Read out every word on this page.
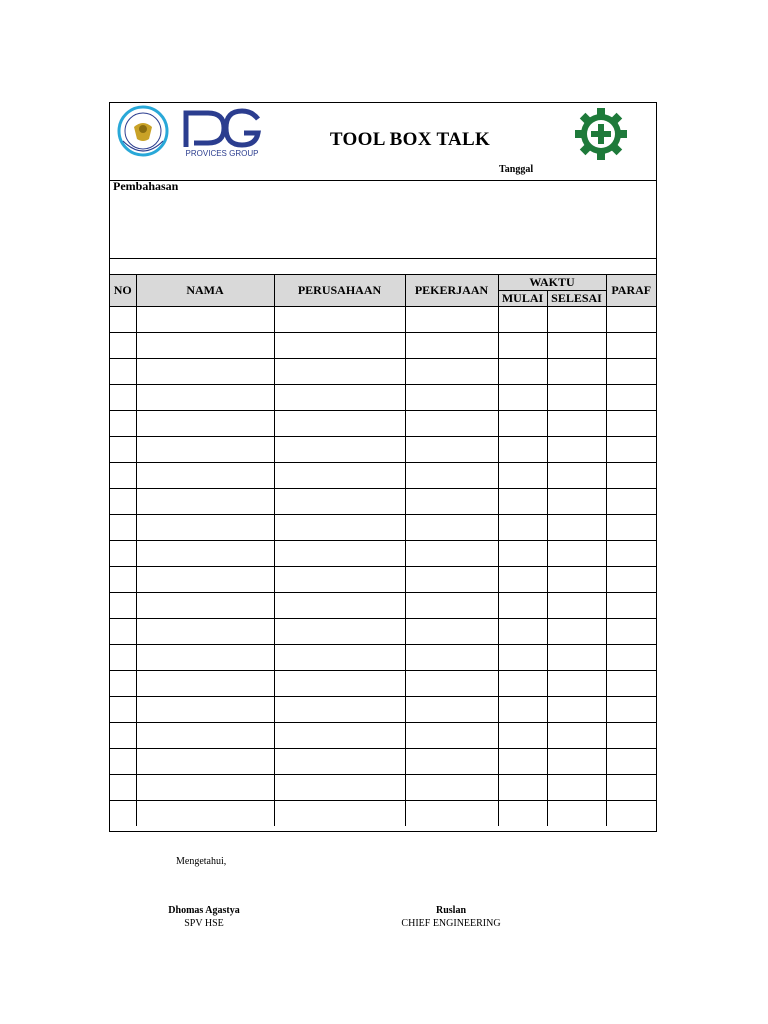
PROVICES GROUP
TOOL BOX TALK
Tanggal
Pembahasan
NO	NAMA	PERUSAHAAN	PEKERJAAN	WAKTU		PARAF
				MULAI	SELESAI	

Mengetahui,
Dhomas Agastya
SPV HSE
Ruslan
CHIEF ENGINEERING
